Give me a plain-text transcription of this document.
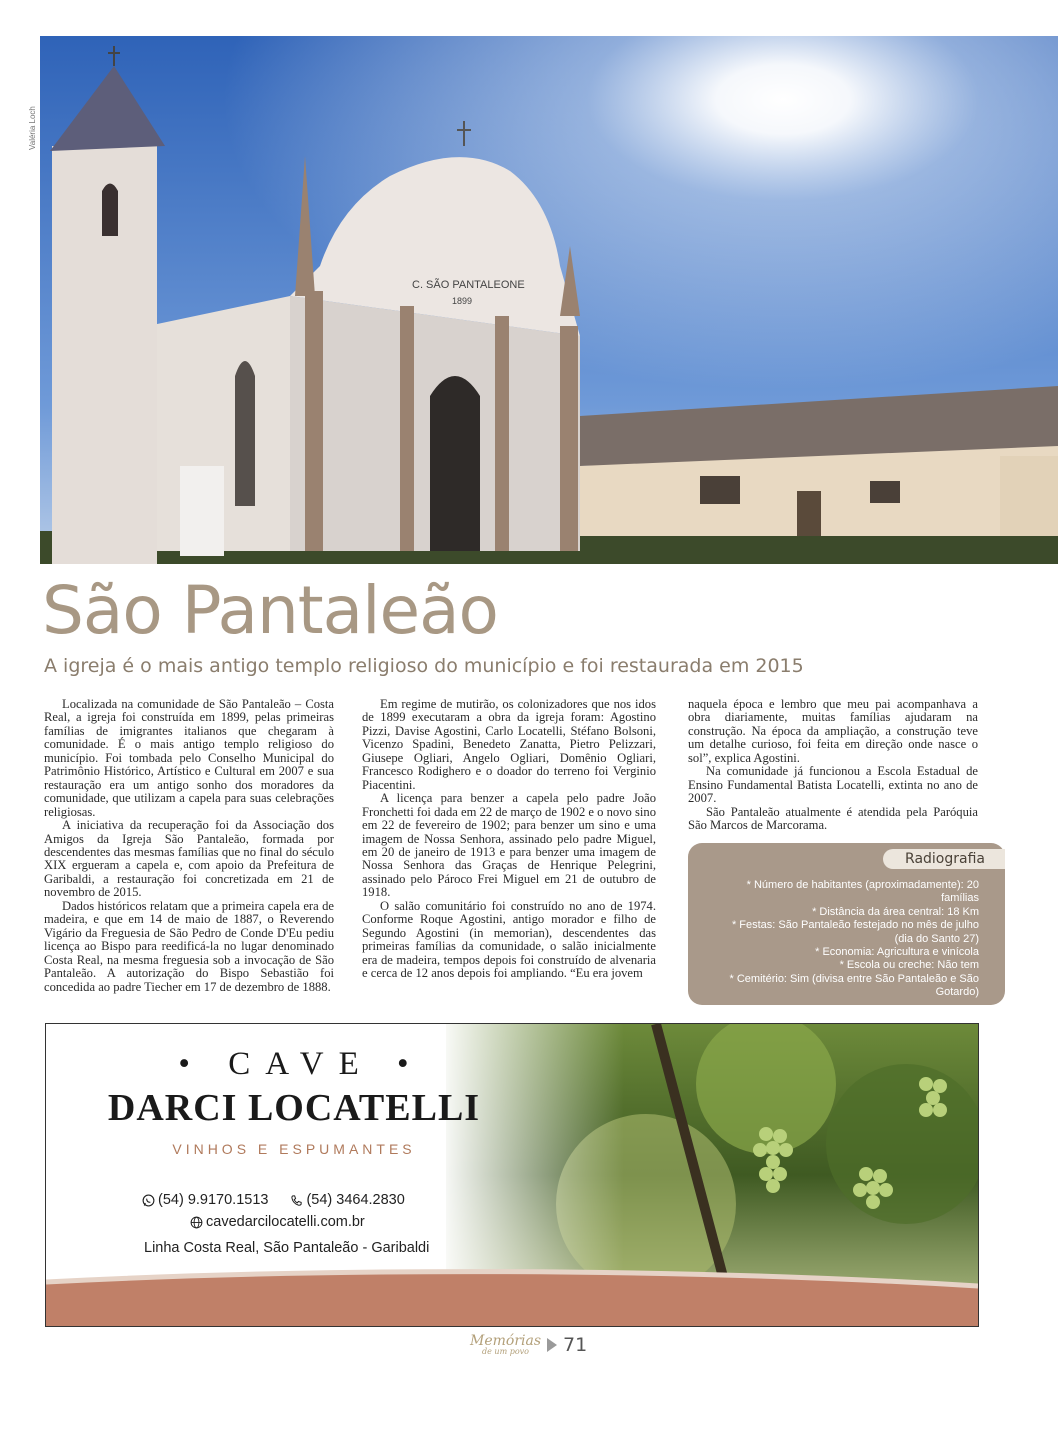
Valéria Loch
C. SÃO PANTALEONE
1899
São Pantaleão
A igreja é o mais antigo templo religioso do município e foi restaurada em 2015

Localizada na comunidade de São Pantaleão – Costa Real, a igreja foi construída em 1899, pelas primeiras famílias de imigrantes italianos que chegaram à comunidade. É o mais antigo templo religioso do município. Foi tombada pelo Conselho Municipal do Patrimônio Histórico, Artístico e Cultural em 2007 e sua restauração era um antigo sonho dos moradores da comunidade, que utilizam a capela para suas celebrações religiosas.

A iniciativa da recuperação foi da Associação dos Amigos da Igreja São Pantaleão, formada por descendentes das mesmas famílias que no final do século XIX ergueram a capela e, com apoio da Prefeitura de Garibaldi, a restauração foi concretizada em 21 de novembro de 2015.

Dados históricos relatam que a primeira capela era de madeira, e que em 14 de maio de 1887, o Reverendo Vigário da Freguesia de São Pedro de Conde D'Eu pediu licença ao Bispo para reedificá-la no lugar denominado Costa Real, na mesma freguesia sob a invocação de São Pantaleão. A autorização do Bispo Sebastião foi concedida ao padre Tiecher em 17 de dezembro de 1888.

Em regime de mutirão, os colonizadores que nos idos de 1899 executaram a obra da igreja foram: Agostino Pizzi, Davise Agostini, Carlo Locatelli, Stéfano Bolsoni, Vicenzo Spadini, Benedeto Zanatta, Pietro Pelizzari, Giusepe Ogliari, Angelo Ogliari, Domênio Ogliari, Francesco Rodighero e o doador do terreno foi Verginio Piacentini.

A licença para benzer a capela pelo padre João Fronchetti foi dada em 22 de março de 1902 e o novo sino em 22 de fevereiro de 1902; para benzer um sino e uma imagem de Nossa Senhora, assinado pelo padre Miguel, em 20 de janeiro de 1913 e para benzer uma imagem de Nossa Senhora das Graças de Henrique Pelegrini, assinado pelo Pároco Frei Miguel em 21 de outubro de 1918.

O salão comunitário foi construído no ano de 1974. Conforme Roque Agostini, antigo morador e filho de Segundo Agostini (in memorian), descendentes das primeiras famílias da comunidade, o salão inicialmente era de madeira, tempos depois foi construído de alvenaria e cerca de 12 anos depois foi ampliando. “Eu era jovem

naquela época e lembro que meu pai acompanhava a obra diariamente, muitas famílias ajudaram na construção. Na época da ampliação, a construção teve um detalhe curioso, foi feita em direção onde nasce o sol”, explica Agostini.

Na comunidade já funcionou a Escola Estadual de Ensino Fundamental Batista Locatelli, extinta no ano de 2007.

São Pantaleão atualmente é atendida pela Paróquia São Marcos de Marcorama.

Radiografia
* Número de habitantes (aproximadamente): 20 famílias
* Distância da área central: 18 Km
* Festas: São Pantaleão festejado no mês de julho (dia do Santo 27)
* Economia: Agricultura e vinícola
* Escola ou creche: Não tem
* Cemitério: Sim (divisa entre São Pantaleão e São Gotardo)
• CAVE •
DARCI LOCATELLI
VINHOS E ESPUMANTES
(54) 9.9170.1513	(54) 3464.2830
cavedarcilocatelli.com.br
Linha Costa Real, São Pantaleão - Garibaldi
Memórias
de um povo	71
